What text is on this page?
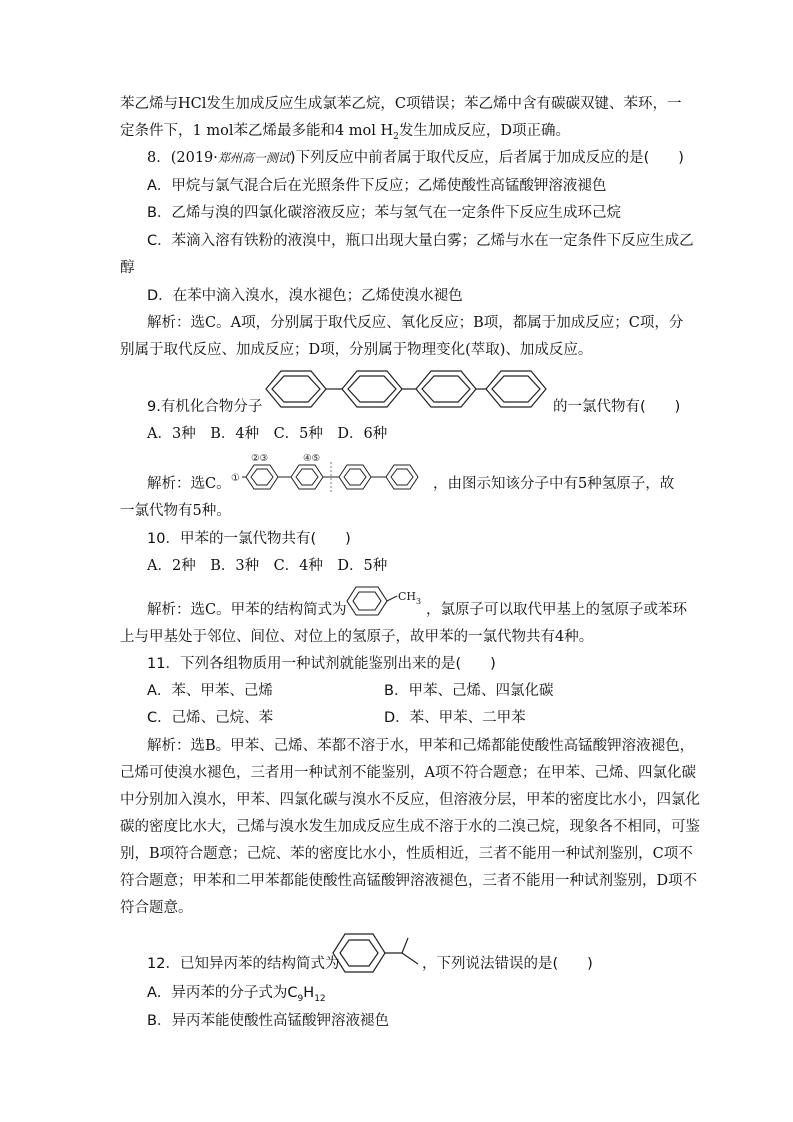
苯乙烯与HCl发生加成反应生成氯苯乙烷，C项错误；苯乙烯中含有碳碳双键、苯环，一
定条件下，1 mol苯乙烯最多能和4 mol $H_2$发生加成反应，D项正确。
8．(2019·郑州高一测试)下列反应中前者属于取代反应，后者属于加成反应的是(　　)
A．甲烷与氯气混合后在光照条件下反应；乙烯使酸性高锰酸钾溶液褪色
B．乙烯与溴的四氯化碳溶液反应；苯与氢气在一定条件下反应生成环己烷
C．苯滴入溶有铁粉的液溴中，瓶口出现大量白雾；乙烯与水在一定条件下反应生成乙
醇
D．在苯中滴入溴水，溴水褪色；乙烯使溴水褪色
解析：选C。A项，分别属于取代反应、氧化反应；B项，都属于加成反应；C项，分
别属于取代反应、加成反应；D项，分别属于物理变化(萃取)、加成反应。
9.有机化合物分子	的一氯代物有(　　)
A．3种　B．4种　C．5种　D．6种
解析：选C。 ①
②③	④⑤
，由图示知该分子中有5种氢原子，故
一氯代物有5种。
10．甲苯的一氯代物共有(　　)
A．2种　B．3种　C．4种　D．5种
解析：选C。甲苯的结构简式为
CH 3
，氯原子可以取代甲基上的氢原子或苯环
上与甲基处于邻位、间位、对位上的氢原子，故甲苯的一氯代物共有4种。
11．下列各组物质用一种试剂就能鉴别出来的是(　　)
A．苯、甲苯、己烯	B．甲苯、己烯、四氯化碳
C．己烯、己烷、苯	D．苯、甲苯、二甲苯
解析：选B。甲苯、己烯、苯都不溶于水，甲苯和己烯都能使酸性高锰酸钾溶液褪色，
己烯可使溴水褪色，三者用一种试剂不能鉴别，A项不符合题意；在甲苯、己烯、四氯化碳
中分别加入溴水，甲苯、四氯化碳与溴水不反应，但溶液分层，甲苯的密度比水小，四氯化
碳的密度比水大，己烯与溴水发生加成反应生成不溶于水的二溴己烷，现象各不相同，可鉴
别，B项符合题意；己烷、苯的密度比水小，性质相近，三者不能用一种试剂鉴别，C项不
符合题意；甲苯和二甲苯都能使酸性高锰酸钾溶液褪色，三者不能用一种试剂鉴别，D项不
符合题意。
12．已知异丙苯的结构简式为	，下列说法错误的是(　　)
A．异丙苯的分子式为$C_9H_{12}$
B．异丙苯能使酸性高锰酸钾溶液褪色
